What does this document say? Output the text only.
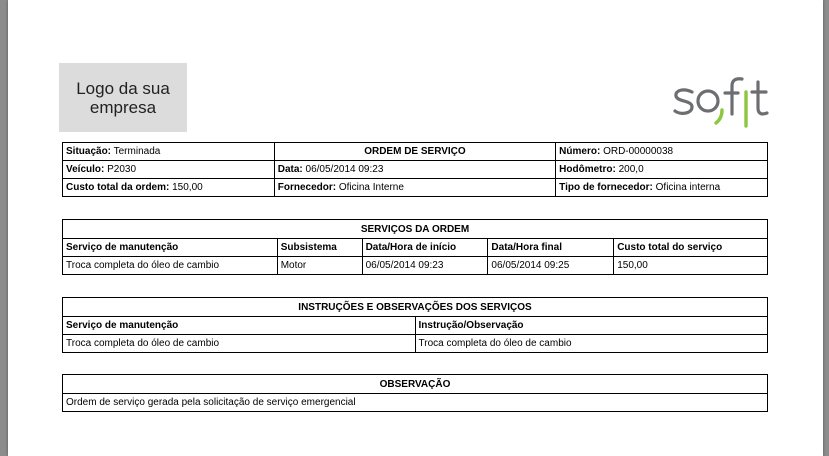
Logo da sua
empresa
Situação: Terminada	ORDEM DE SERVIÇO	Número: ORD-00000038
Veículo: P2030	Data: 06/05/2014 09:23	Hodômetro: 200,0
Custo total da ordem: 150,00	Fornecedor: Oficina Interne	Tipo de fornecedor: Oficina interna
SERVIÇOS DA ORDEM				
Serviço de manutenção	Subsistema	Data/Hora de início	Data/Hora final	Custo total do serviço
Troca completa do óleo de cambio	Motor	06/05/2014 09:23	06/05/2014 09:25	150,00
INSTRUÇÕES E OBSERVAÇÕES DOS SERVIÇOS	
Serviço de manutenção	Instrução/Observação
Troca completa do óleo de cambio	Troca completa do óleo de cambio
OBSERVAÇÃO
Ordem de serviço gerada pela solicitação de serviço emergencial
